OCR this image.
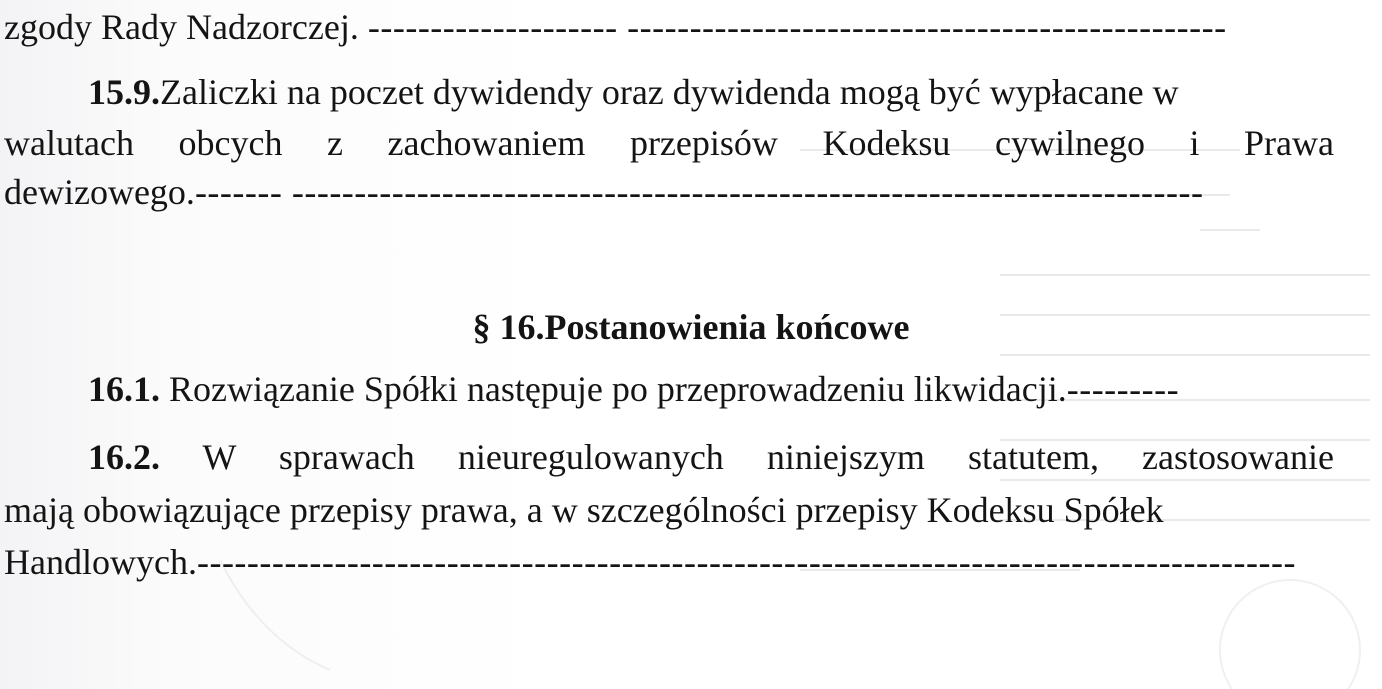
zgody Rady Nadzorczej. -------------------- ------------------------------------------------
15.9.Zaliczki na poczet dywidendy oraz dywidenda mogą być wypłacane w
walutach obcych z zachowaniem przepisów Kodeksu cywilnego i Prawa
dewizowego.------- -------------------------------------------------------------------------
§ 16.Postanowienia końcowe
16.1. Rozwiązanie Spółki następuje po przeprowadzeniu likwidacji.---------
16.2. W sprawach nieuregulowanych niniejszym statutem, zastosowanie
mają obowiązujące przepisy prawa, a w szczególności przepisy Kodeksu Spółek
Handlowych.----------------------------------------------------------------------------------------
